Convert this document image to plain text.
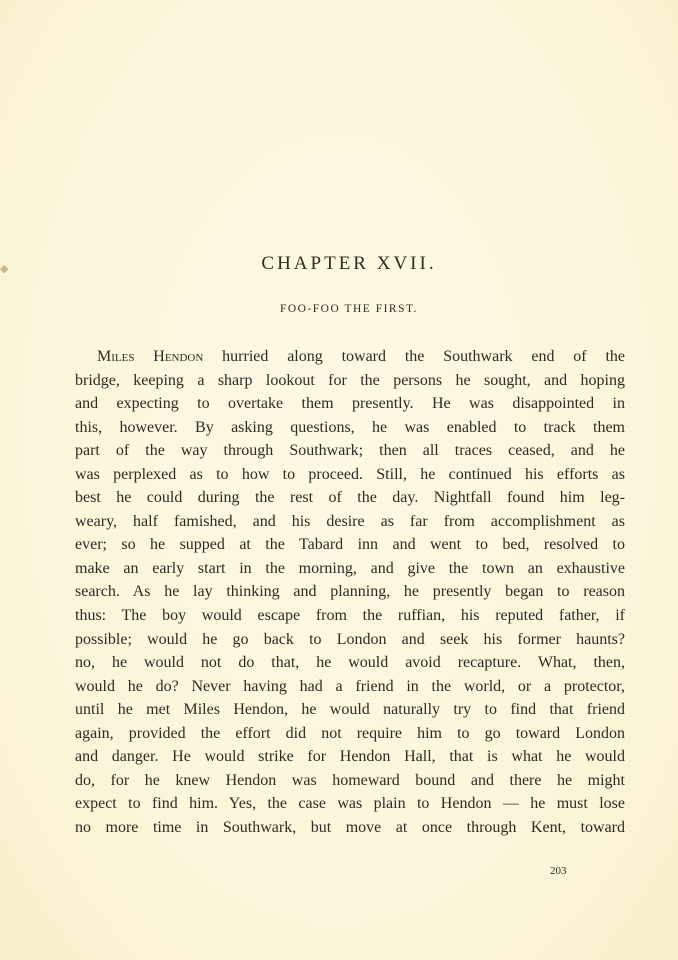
◆	CHAPTER XVII.
FOO-FOO THE FIRST.
Miles Hendon hurried along toward the Southwark end of the
bridge, keeping a sharp lookout for the persons he sought, and hoping
and expecting to overtake them presently. He was disappointed in
this, however. By asking questions, he was enabled to track them
part of the way through Southwark; then all traces ceased, and he
was perplexed as to how to proceed. Still, he continued his efforts as
best he could during the rest of the day. Nightfall found him leg-
weary, half famished, and his desire as far from accomplishment as
ever; so he supped at the Tabard inn and went to bed, resolved to
make an early start in the morning, and give the town an exhaustive
search. As he lay thinking and planning, he presently began to reason
thus: The boy would escape from the ruffian, his reputed father, if
possible; would he go back to London and seek his former haunts?
no, he would not do that, he would avoid recapture. What, then,
would he do? Never having had a friend in the world, or a protector,
until he met Miles Hendon, he would naturally try to find that friend
again, provided the effort did not require him to go toward London
and danger. He would strike for Hendon Hall, that is what he would
do, for he knew Hendon was homeward bound and there he might
expect to find him. Yes, the case was plain to Hendon — he must lose
no more time in Southwark, but move at once through Kent, toward
203
